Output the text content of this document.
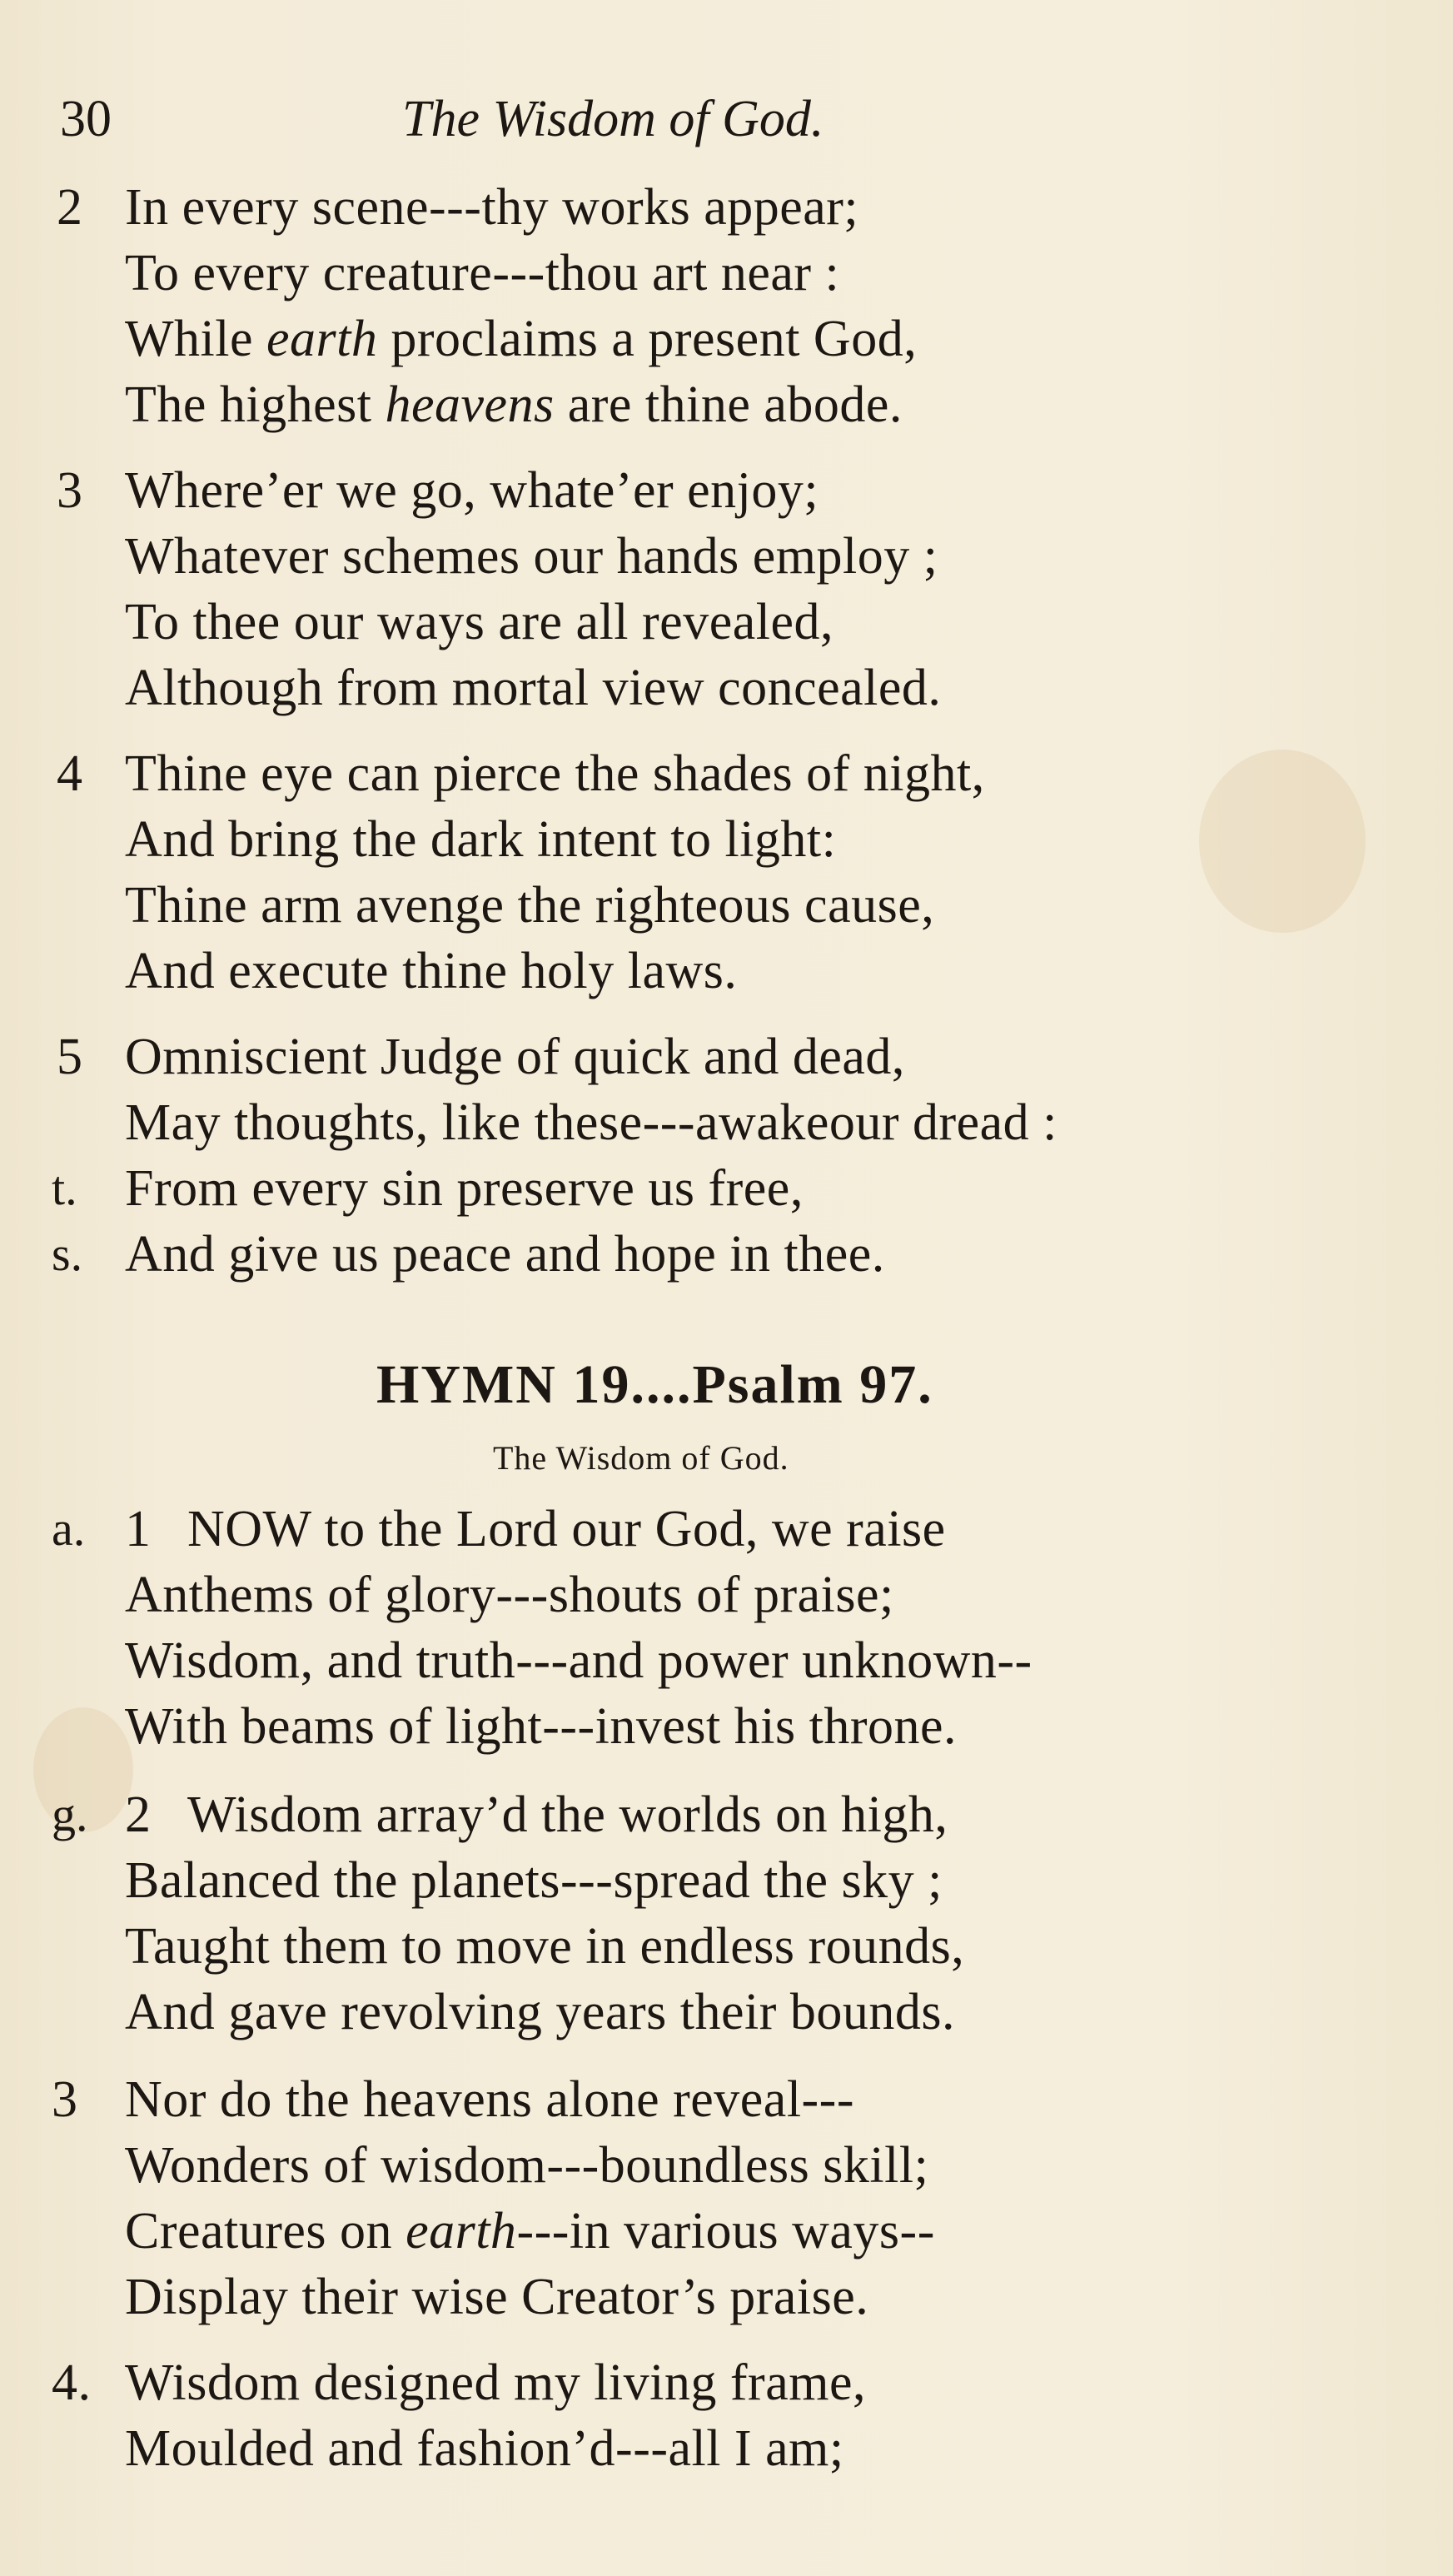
30	The Wisdom of God.
2 In every scene---thy works appear;
To every creature---thou art near :
While earth proclaims a present God,
The highest heavens are thine abode.
3 Where’er we go, whate’er enjoy;
Whatever schemes our hands employ ;
To thee our ways are all revealed,
Although from mortal view concealed.
4 Thine eye can pierce the shades of night,
And bring the dark intent to light:
Thine arm avenge the righteous cause,
And execute thine holy laws.
5 Omniscient Judge of quick and dead,
May thoughts, like these---awakeour dread :
From every sin preserve us free,
And give us peace and hope in thee.
t.
s.
HYMN 19....Psalm 97.
The Wisdom of God.
a. 1 NOW to the Lord our God, we raise
Anthems of glory---shouts of praise;
Wisdom, and truth---and power unknown--
With beams of light---invest his throne.
g. 2 Wisdom array’d the worlds on high,
Balanced the planets---spread the sky ;
Taught them to move in endless rounds,
And gave revolving years their bounds.
3 Nor do the heavens alone reveal---
Wonders of wisdom---boundless skill;
Creatures on earth---in various ways--
Display their wise Creator’s praise.
4. Wisdom designed my living frame,
Moulded and fashion’d---all I am;
